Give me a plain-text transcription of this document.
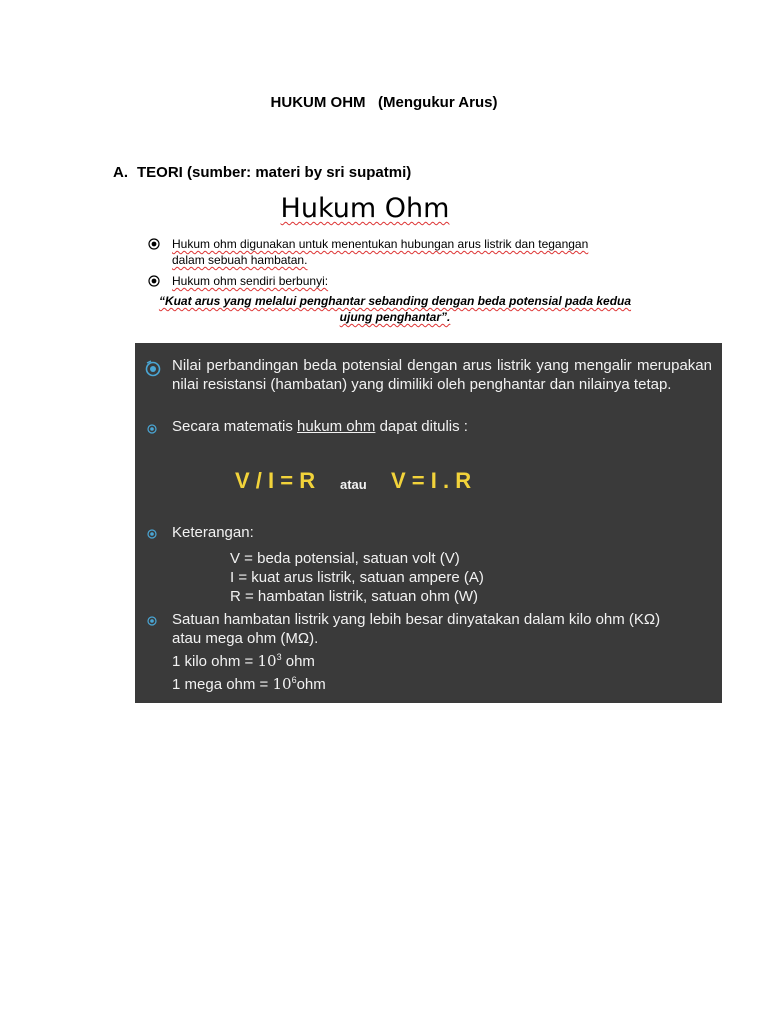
HUKUM OHM   (Mengukur Arus)
A. TEORI (sumber: materi by sri supatmi)
Hukum Ohm
Hukum ohm digunakan untuk menentukan hubungan arus listrik dan tegangan dalam sebuah hambatan.
Hukum ohm sendiri berbunyi:
“Kuat arus yang melalui penghantar sebanding dengan beda potensial pada kedua ujung penghantar”.
Nilai perbandingan beda potensial dengan arus listrik yang mengalir merupakan nilai resistansi (hambatan) yang dimiliki oleh penghantar dan nilainya tetap.
Secara matematis hukum ohm dapat ditulis :
V / I = R atau V = I . R
Keterangan:
V = beda potensial, satuan volt (V)
I = kuat arus listrik, satuan ampere (A)
R = hambatan listrik, satuan ohm (W)
Satuan hambatan listrik yang lebih besar dinyatakan dalam kilo ohm (KΩ)
atau mega ohm (MΩ).
1 kilo ohm = $10^3$ ohm
1 mega ohm = $10^6ohm$
